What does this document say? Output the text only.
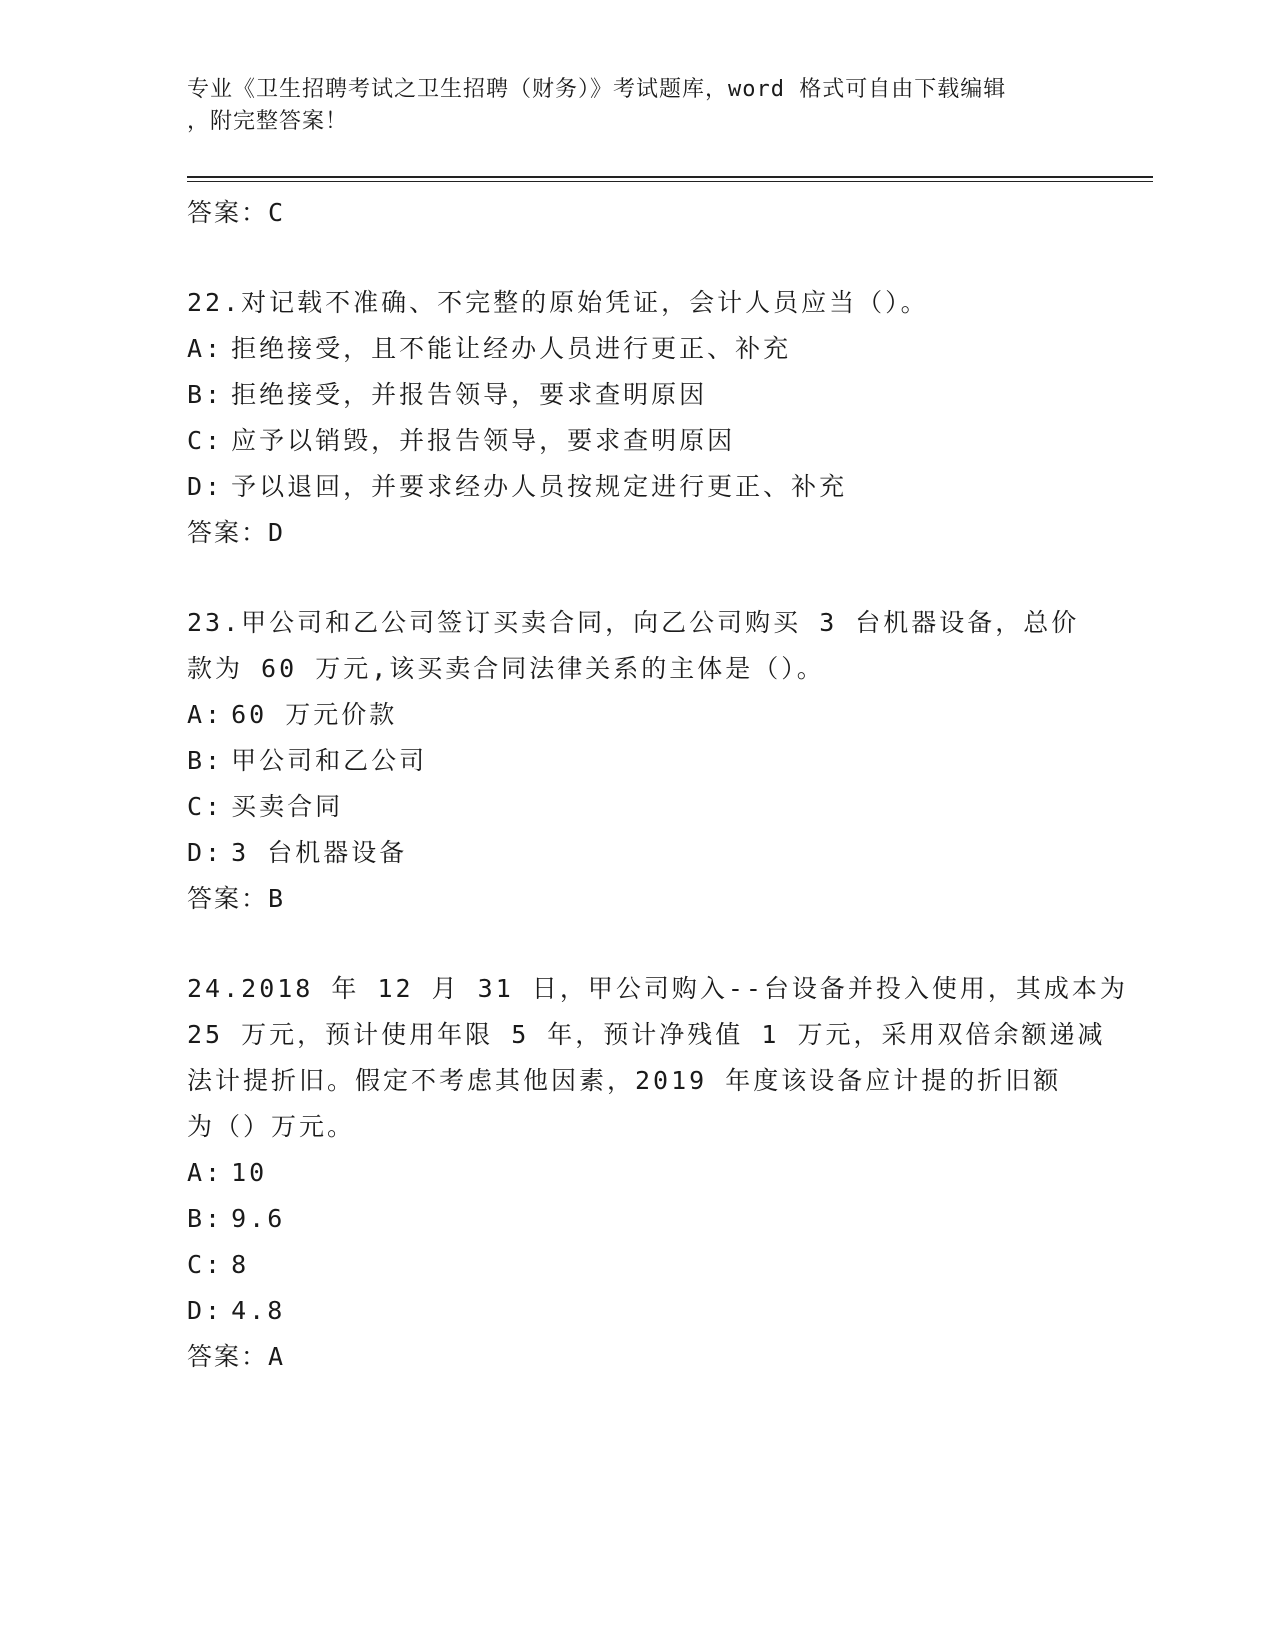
专业《卫生招聘考试之卫生招聘（财务）》考试题库，word 格式可自由下载编辑
，附完整答案！
答案：C
22.对记载不准确、不完整的原始凭证，会计人员应当（）。
A: 拒绝接受，且不能让经办人员进行更正、补充
B: 拒绝接受，并报告领导，要求查明原因
C: 应予以销毁，并报告领导，要求查明原因
D: 予以退回，并要求经办人员按规定进行更正、补充
答案：D
23.甲公司和乙公司签订买卖合同，向乙公司购买 3 台机器设备，总价
款为 60 万元,该买卖合同法律关系的主体是（）。
A: 60 万元价款
B: 甲公司和乙公司
C: 买卖合同
D: 3 台机器设备
答案：B
24.2018 年 12 月 31 日，甲公司购入--台设备并投入使用，其成本为
25 万元，预计使用年限 5 年，预计净残值 1 万元，采用双倍余额递减
法计提折旧。假定不考虑其他因素，2019 年度该设备应计提的折旧额
为（）万元。
A: 10
B: 9.6
C: 8
D: 4.8
答案：A
